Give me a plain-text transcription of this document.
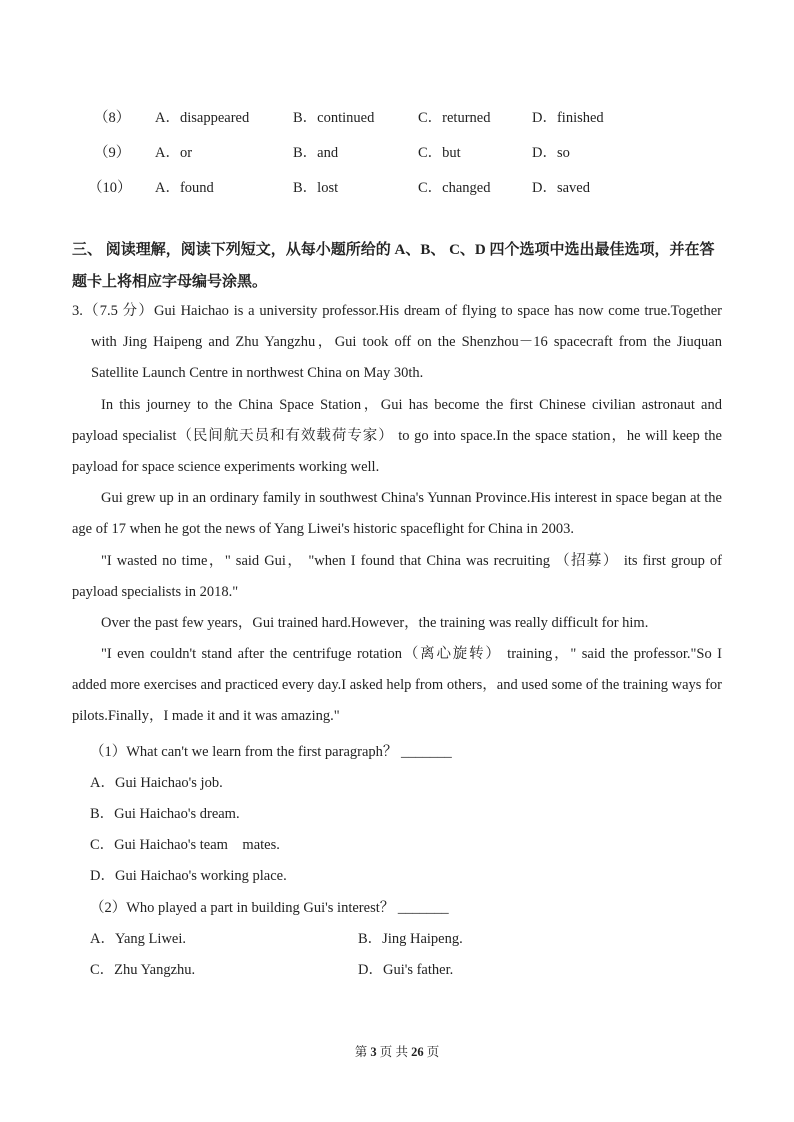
（8） A．disappeared	B．continued	C．returned	D．finished
（9） A．or	B．and	C．but	D．so
（10） A．found	B．lost	C．changed	D．saved
三、 阅读理解，阅读下列短文，从每小题所给的 A、B、 C、D 四个选项中选出最佳选项，并在答题卡上将相应字母编号涂黑。
3.（7.5 分）Gui Haichao is a university professor.His dream of flying to space has now come true.Together with Jing Haipeng and Zhu Yangzhu，Gui took off on the Shenzhou－16 spacecraft from the Jiuquan Satellite Launch Centre in northwest China on May 30th.
In this journey to the China Space Station，Gui has become the first Chinese civilian astronaut and payload specialist（民间航天员和有效载荷专家） to go into space.In the space station，he will keep the payload for space science experiments working well.
Gui grew up in an ordinary family in southwest China's Yunnan Province.His interest in space began at the age of 17 when he got the news of Yang Liwei's historic spaceflight for China in 2003.
"I wasted no time，" said Gui， "when I found that China was recruiting （招募） its first group of payload specialists in 2018."
Over the past few years，Gui trained hard.However，the training was really difficult for him.
"I even couldn't stand after the centrifuge rotation（离心旋转） training，" said the professor."So I added more exercises and practiced every day.I asked help from others，and used some of the training ways for pilots.Finally，I made it and it was amazing."
（1）What can't we learn from the first paragraph？ _______
A．Gui Haichao's job.
B．Gui Haichao's dream.
C．Gui Haichao's team    mates.
D．Gui Haichao's working place.
（2）Who played a part in building Gui's interest？ _______
A．Yang Liwei.	B．Jing Haipeng.
C．Zhu Yangzhu.	D．Gui's father.
第 3 页 共 26 页
